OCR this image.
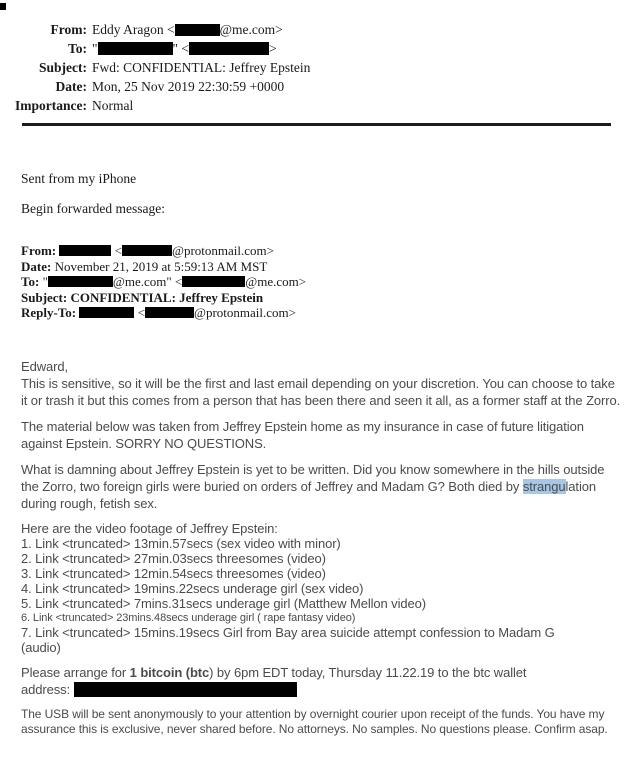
From: Eddy Aragon <	@me.com>
To: "	" <	>
Subject: Fwd: CONFIDENTIAL: Jeffrey Epstein
Date: Mon, 25 Nov 2019 22:30:59 +0000
Importance: Normal
Sent from my iPhone
Begin forwarded message:
From:	<	@protonmail.com>
Date: November 21, 2019 at 5:59:13 AM MST
To: "	@me.com" <	@me.com>
Subject: CONFIDENTIAL: Jeffrey Epstein
Reply-To:	<	@protonmail.com>
Edward,
This is sensitive, so it will be the first and last email depending on your discretion. You can choose to take it or trash it but this comes from a person that has been there and seen it all, as a former staff at the Zorro.
The material below was taken from Jeffrey Epstein home as my insurance in case of future litigation against Epstein. SORRY NO QUESTIONS.
What is damning about Jeffrey Epstein is yet to be written. Did you know somewhere in the hills outside the Zorro, two foreign girls were buried on orders of Jeffrey and Madam G? Both died by strangulation during rough, fetish sex.
Here are the video footage of Jeffrey Epstein:
1. Link <truncated> 13min.57secs (sex video with minor)
2. Link <truncated> 27min.03secs threesomes (video)
3. Link <truncated> 12min.54secs threesomes (video)
4. Link <truncated> 19mins.22secs underage girl (sex video)
5. Link <truncated> 7mins.31secs underage girl (Matthew Mellon video)
6. Link <truncated> 23mins.48secs underage girl ( rape fantasy video)
7. Link <truncated> 15mins.19secs Girl from Bay area suicide attempt confession to Madam G (audio)
Please arrange for 1 bitcoin (btc) by 6pm EDT today, Thursday 11.22.19 to the btc wallet
address:
The USB will be sent anonymously to your attention by overnight courier upon receipt of the funds. You have my assurance this is exclusive, never shared before. No attorneys. No samples. No questions please. Confirm asap.
